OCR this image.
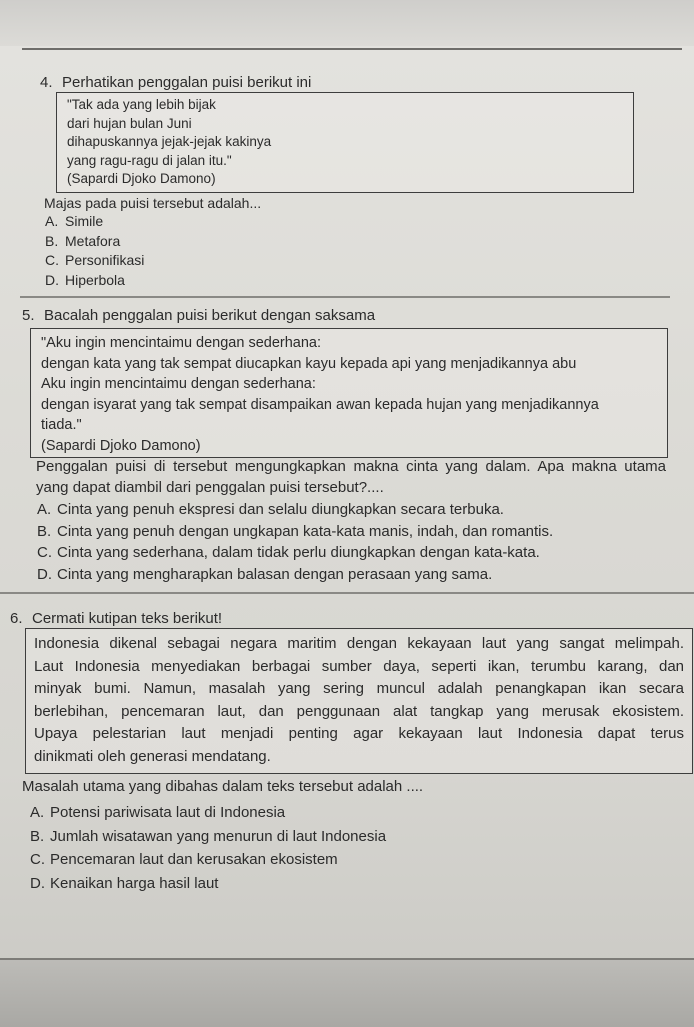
4. Perhatikan penggalan puisi berikut ini
"Tak ada yang lebih bijak
dari hujan bulan Juni
dihapuskannya jejak-jejak kakinya
yang ragu-ragu di jalan itu."
(Sapardi Djoko Damono)
Majas pada puisi tersebut adalah...
A. Simile
B. Metafora
C. Personifikasi
D. Hiperbola
5. Bacalah penggalan puisi berikut dengan saksama
"Aku ingin mencintaimu dengan sederhana:
dengan kata yang tak sempat diucapkan kayu kepada api yang menjadikannya abu
Aku ingin mencintaimu dengan sederhana:
dengan isyarat yang tak sempat disampaikan awan kepada hujan yang menjadikannya
tiada."
(Sapardi Djoko Damono)
Penggalan puisi di tersebut mengungkapkan makna cinta yang dalam. Apa makna utama
yang dapat diambil dari penggalan puisi tersebut?....
A. Cinta yang penuh ekspresi dan selalu diungkapkan secara terbuka.
B. Cinta yang penuh dengan ungkapan kata-kata manis, indah, dan romantis.
C. Cinta yang sederhana, dalam tidak perlu diungkapkan dengan kata-kata.
D. Cinta yang mengharapkan balasan dengan perasaan yang sama.
6. Cermati kutipan teks berikut!
Indonesia dikenal sebagai negara maritim dengan kekayaan laut yang sangat melimpah.
Laut Indonesia menyediakan berbagai sumber daya, seperti ikan, terumbu karang, dan
minyak bumi. Namun, masalah yang sering muncul adalah penangkapan ikan secara
berlebihan, pencemaran laut, dan penggunaan alat tangkap yang merusak ekosistem.
Upaya pelestarian laut menjadi penting agar kekayaan laut Indonesia dapat terus
dinikmati oleh generasi mendatang.
Masalah utama yang dibahas dalam teks tersebut adalah ....
A. Potensi pariwisata laut di Indonesia
B. Jumlah wisatawan yang menurun di laut Indonesia
C. Pencemaran laut dan kerusakan ekosistem
D. Kenaikan harga hasil laut
